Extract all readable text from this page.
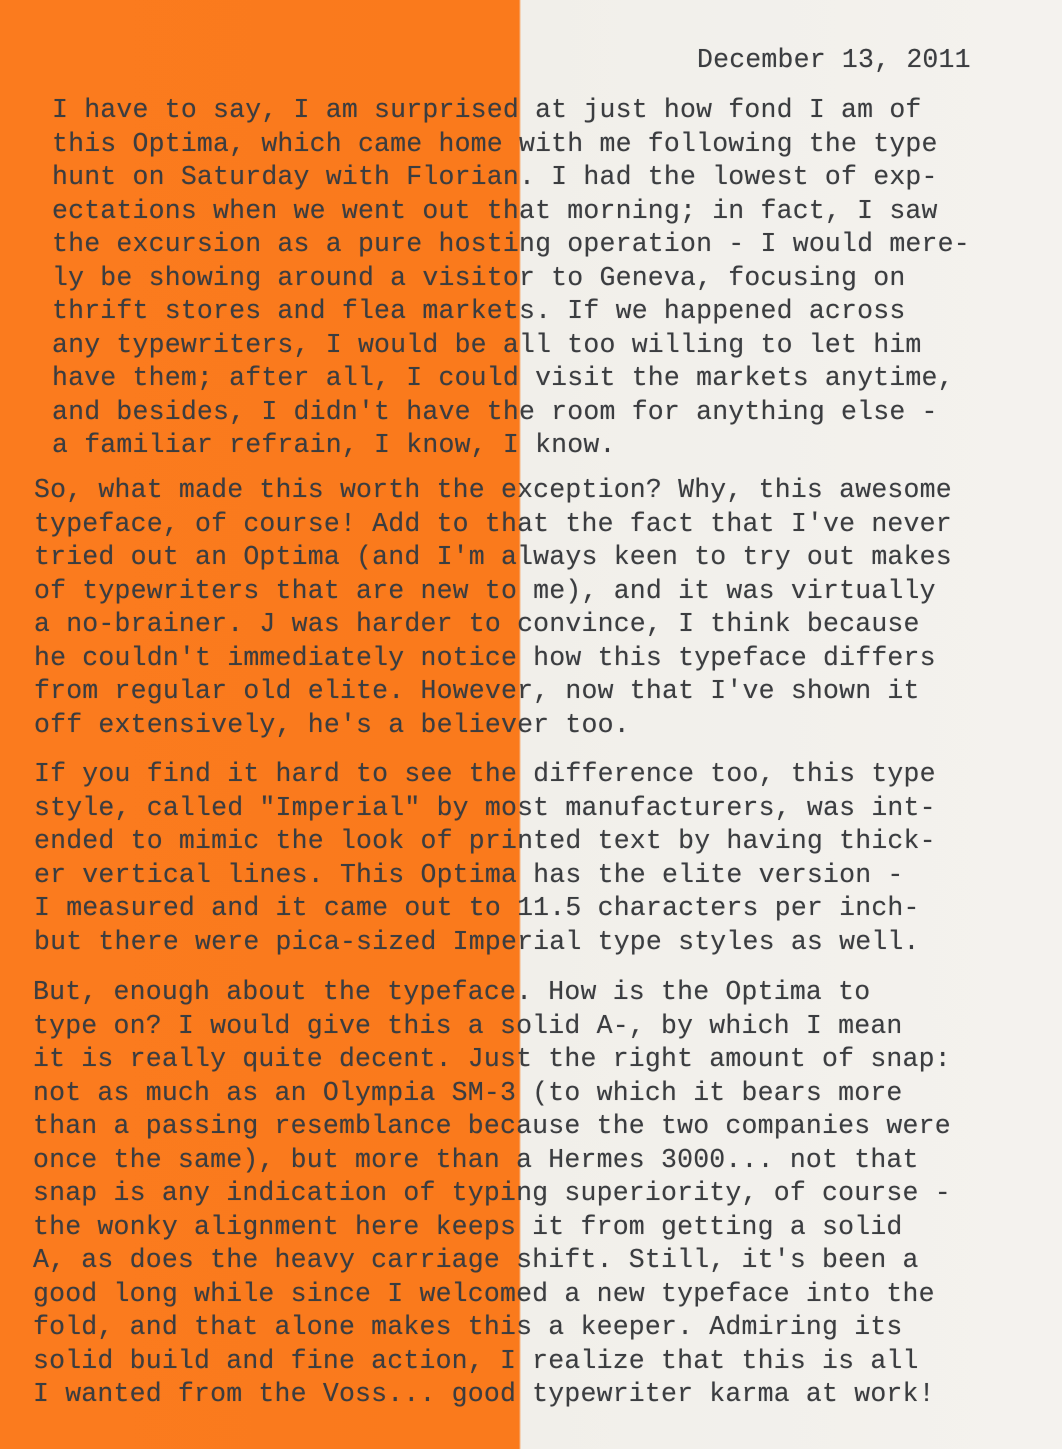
December 13, 2011
I have to say, I am surprised at just how fond I am of
this Optima, which came home with me following the type
hunt on Saturday with Florian. I had the lowest of exp-
ectations when we went out that morning; in fact, I saw
the excursion as a pure hosting operation - I would mere-
ly be showing around a visitor to Geneva, focusing on
thrift stores and flea markets. If we happened across
any typewriters, I would be all too willing to let him
have them; after all, I could visit the markets anytime,
and besides, I didn't have the room for anything else -
a familiar refrain, I know, I know.
So, what made this worth the exception? Why, this awesome
typeface, of course! Add to that the fact that I've never
tried out an Optima (and I'm always keen to try out makes
of typewriters that are new to me), and it was virtually
a no-brainer. J was harder to convince, I think because
he couldn't immediately notice how this typeface differs
from regular old elite. However, now that I've shown it
off extensively, he's a believer too.
If you find it hard to see the difference too, this type
style, called "Imperial" by most manufacturers, was int-
ended to mimic the look of printed text by having thick-
er vertical lines. This Optima has the elite version -
I measured and it came out to 11.5 characters per inch-
but there were pica-sized Imperial type styles as well.
But, enough about the typeface. How is the Optima to
type on? I would give this a solid A-, by which I mean
it is really quite decent. Just the right amount of snap:
not as much as an Olympia SM-3 (to which it bears more
than a passing resemblance because the two companies were
once the same), but more than a Hermes 3000... not that
snap is any indication of typing superiority, of course -
the wonky alignment here keeps it from getting a solid
A, as does the heavy carriage shift. Still, it's been a
good long while since I welcomed a new typeface into the
fold, and that alone makes this a keeper. Admiring its
solid build and fine action, I realize that this is all
I wanted from the Voss... good typewriter karma at work!
